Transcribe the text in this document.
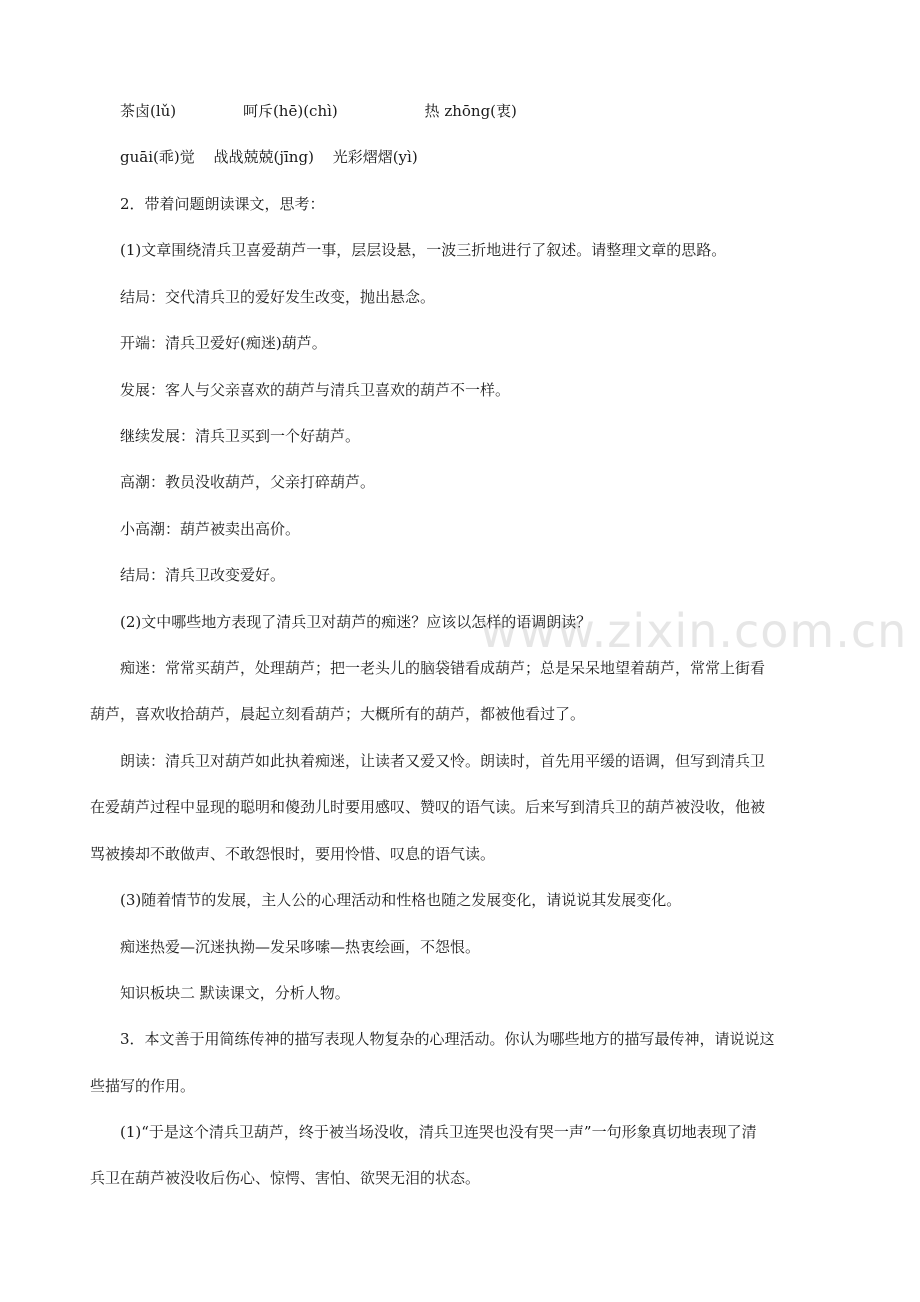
www.zixin.com.cn
茶卤(lǔ)	呵斥(hē)(chì)	热 zhōng(衷)
guāi(乖)觉 战战兢兢(jīng) 光彩熠熠(yì)
2．带着问题朗读课文，思考：
(1)文章围绕清兵卫喜爱葫芦一事，层层设悬，一波三折地进行了叙述。请整理文章的思路。
结局：交代清兵卫的爱好发生改变，抛出悬念。
开端：清兵卫爱好(痴迷)葫芦。
发展：客人与父亲喜欢的葫芦与清兵卫喜欢的葫芦不一样。
继续发展：清兵卫买到一个好葫芦。
高潮：教员没收葫芦，父亲打碎葫芦。
小高潮：葫芦被卖出高价。
结局：清兵卫改变爱好。
(2)文中哪些地方表现了清兵卫对葫芦的痴迷？应该以怎样的语调朗读？
痴迷：常常买葫芦，处理葫芦；把一老头儿的脑袋错看成葫芦；总是呆呆地望着葫芦，常常上街看
葫芦，喜欢收拾葫芦，晨起立刻看葫芦；大概所有的葫芦，都被他看过了。
朗读：清兵卫对葫芦如此执着痴迷，让读者又爱又怜。朗读时，首先用平缓的语调，但写到清兵卫
在爱葫芦过程中显现的聪明和傻劲儿时要用感叹、赞叹的语气读。后来写到清兵卫的葫芦被没收，他被
骂被揍却不敢做声、不敢怨恨时，要用怜惜、叹息的语气读。
(3)随着情节的发展，主人公的心理活动和性格也随之发展变化，请说说其发展变化。
痴迷热爱—沉迷执拗—发呆哆嗦—热衷绘画，不怨恨。
知识板块二 默读课文，分析人物。
3．本文善于用简练传神的描写表现人物复杂的心理活动。你认为哪些地方的描写最传神，请说说这
些描写的作用。
(1)“于是这个清兵卫葫芦，终于被当场没收，清兵卫连哭也没有哭一声”一句形象真切地表现了清
兵卫在葫芦被没收后伤心、惊愕、害怕、欲哭无泪的状态。
